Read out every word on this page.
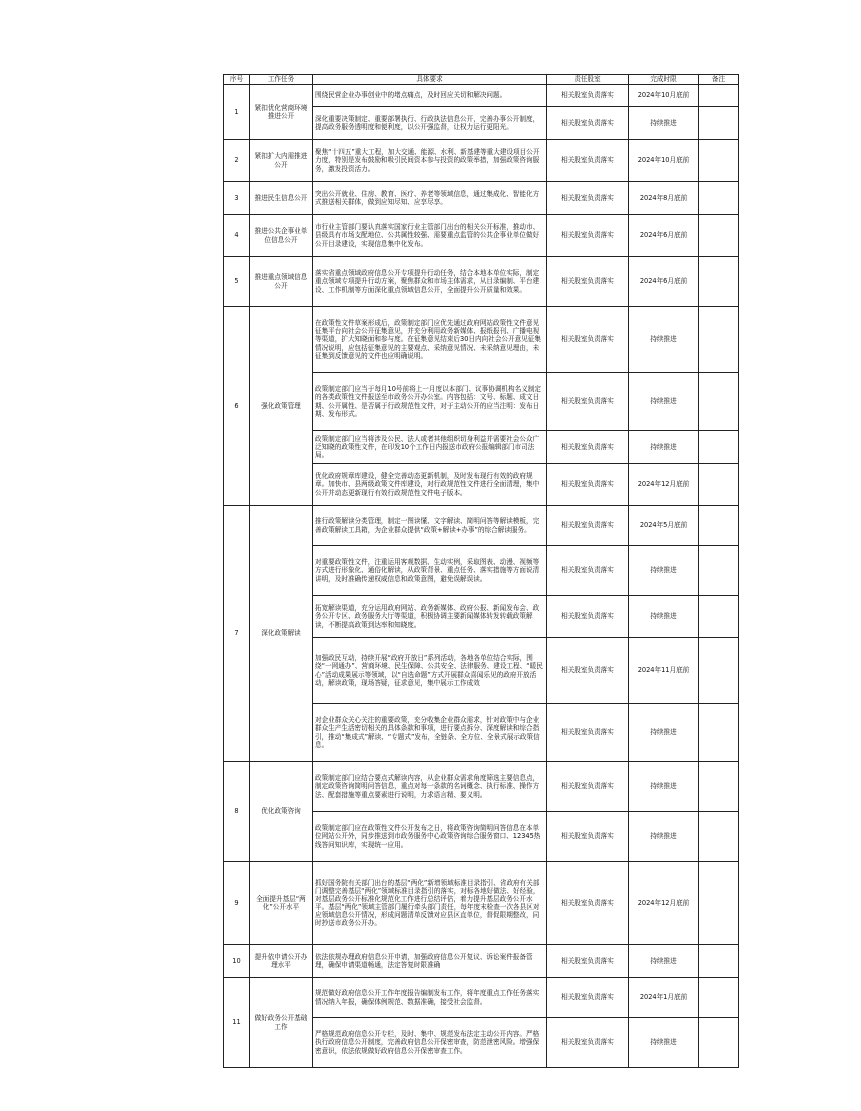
序号	工作任务	具体要求	责任股室	完成时限	备注
1	紧扣优化营商环境推进公开	围绕民营企业办事创业中的堵点痛点，及时回应关切和解决问题。	相关股室负责落实	2024年10月底前	
		深化重要决策制定、重要部署执行、行政执法信息公开，完善办事公开制度，提高政务服务透明度和便利度，以公开强监督，让权力运行更阳光。	相关股室负责落实	持续推进	
2	紧扣扩大内需推进公开	聚焦“十四五”重大工程，加大交通、能源、水利、新基建等重大建设项目公开力度，特别是发布鼓励和吸引民间资本参与投资的政策举措，加强政策咨询服务，激发投资活力。	相关股室负责落实	2024年10月底前	
3	推进民生信息公开	突出公开就业、住房、教育、医疗、养老等领域信息，通过集成化、智能化方式推送相关群体，做到应知尽知、应享尽享。	相关股室负责落实	2024年8月底前	
4	推进公共企事业单位信息公开	市行业主管部门要认真落实国家行业主管部门出台的相关公开标准，推动市、县级具有市场支配地位、公共属性较强、需要重点监管的公共企事业单位做好公开目录建设，实现信息集中化发布。	相关股室负责落实	2024年6月底前	
5	推进重点领域信息公开	落实省重点领域政府信息公开专项提升行动任务，结合本地本单位实际，制定重点领域专项提升行动方案，聚焦群众和市场主体需求，从目录编制、平台建设、工作机制等方面深化重点领域信息公开，全面提升公开质量和效果。	相关股室负责落实	2024年6月底前	
6	强化政策管理	在政策性文件草案形成后，政策制定部门应优先通过政府网站政策性文件意见征集平台向社会公开征集意见，并充分利用政务新媒体、报纸报刊、广播电视等渠道，扩大知晓面和参与度。在征集意见结束后30日内向社会公开意见征集情况说明，应包括征集意见的主要观点、采纳意见情况、未采纳意见理由，未征集到反馈意见的文件也应明确说明。	相关股室负责落实	持续推进	
		政策制定部门应当于每月10号前将上一月度以本部门、议事协调机构名义制定的各类政策性文件报送至市政务公开办公室。内容包括：文号、标题、成文日期、公开属性、是否属于行政规范性文件，对于主动公开的应当注明：发布日期、发布形式。	相关股室负责落实	持续推进	
		政策制定部门应当将涉及公民、法人或者其他组织切身利益并需要社会公众广泛知晓的政策性文件，在印发10个工作日内报送市政府公报编辑部门市司法局。	相关股室负责落实	持续推进	
		优化政府规章库建设，健全完善动态更新机制，及时发布现行有效的政府规章。加快市、县两级政策文件库建设，对行政规范性文件进行全面清理，集中公开并动态更新现行有效行政规范性文件电子版本。	相关股室负责落实	2024年12月底前	
7	深化政策解读	推行政策解读分类管理，制定一图读懂、文字解读、简明问答等解读模板，完善政策解读工具箱，为企业群众提供“政策+解读+办事”的综合解读服务。	相关股室负责落实	2024年5月底前	
		对重要政策性文件，注重运用客观数据、生动实例，采取图表、动漫、视频等方式进行形象化、通俗化解读，从政策背景、重点任务、落实措施等方面说清讲明，及时准确传递权威信息和政策意图，避免误解误读。	相关股室负责落实	持续推进	
		拓宽解读渠道，充分运用政府网站、政务新媒体、政府公报、新闻发布会、政务公开专区、政务服务大厅等渠道，积极协调主要新闻媒体转发转载政策解读，不断提高政策到达率和知晓度。	相关股室负责落实	持续推进	
		加强政民互动，持续开展“政府开放日”系列活动，各地各单位结合实际，围绕“一网通办”、营商环境、民生保障、公共安全、法律服务、建设工程、“暖民心”活动成果展示等领域，以“自选命题”方式开展群众喜闻乐见的政府开放活动，解读政策，现场答疑，征求意见，集中展示工作成效	相关股室负责落实	2024年11月底前	
		对企业群众关心关注的重要政策，充分收集企业群众需求，针对政策中与企业群众生产生活密切相关的具体条款和事项，进行要点拆分、深度解读和综合指引，推动“集成式”解读、“专题式”发布，全链条、全方位、全景式展示政策信息。	相关股室负责落实	持续推进	
8	优化政策咨询	政策制定部门应结合要点式解读内容，从企业群众需求角度筛选主要信息点，制定政策咨询简明问答信息，重点对每一条款的名词概念、执行标准、操作方法、配套措施等重点要素进行说明，力求语言精、要义明。	相关股室负责落实	持续推进	
		政策制定部门应在政策性文件公开发布之日，将政策咨询简明问答信息在本单位网站公开外，同步推送到市政务服务中心政策咨询综合服务窗口、12345热线答问知识库，实现统一应用。	相关股室负责落实	持续推进	
9	全面提升基层“两化”公开水平	抓好国务院有关部门出台的基层“两化”新增领域标准目录指引、省政府有关部门调整完善基层“两化”领域标准目录指引的落实，对标各地好做法、好经验，对基层政务公开标准化规范化工作进行总结评估，着力提升基层政务公开水平。基层“两化”领域主管部门履行牵头部门责任，每年度末检查一次各县区对应领域信息公开情况，形成问题清单反馈对应县区直单位，督促限期整改，同时抄送市政务公开办。	相关股室负责落实	2024年12月底前	
10	提升依申请公开办理水平	依法依规办理政府信息公开申请，加强政府信息公开复议、诉讼案件报备管理，确保申请渠道畅通，法定答复时限准确	相关股室负责落实	持续推进	
11	做好政务公开基础工作	规范做好政府信息公开工作年度报告编制发布工作，将年度重点工作任务落实情况纳入年报，确保体例规范、数据准确，接受社会监督。	相关股室负责落实	2024年1月底前	
		严格规范政府信息公开专栏，及时、集中、规范发布法定主动公开内容。严格执行政府信息公开制度，完善政府信息公开保密审查，防范泄密风险。增强保密意识，依法依规做好政府信息公开保密审查工作。	相关股室负责落实	持续推进	
